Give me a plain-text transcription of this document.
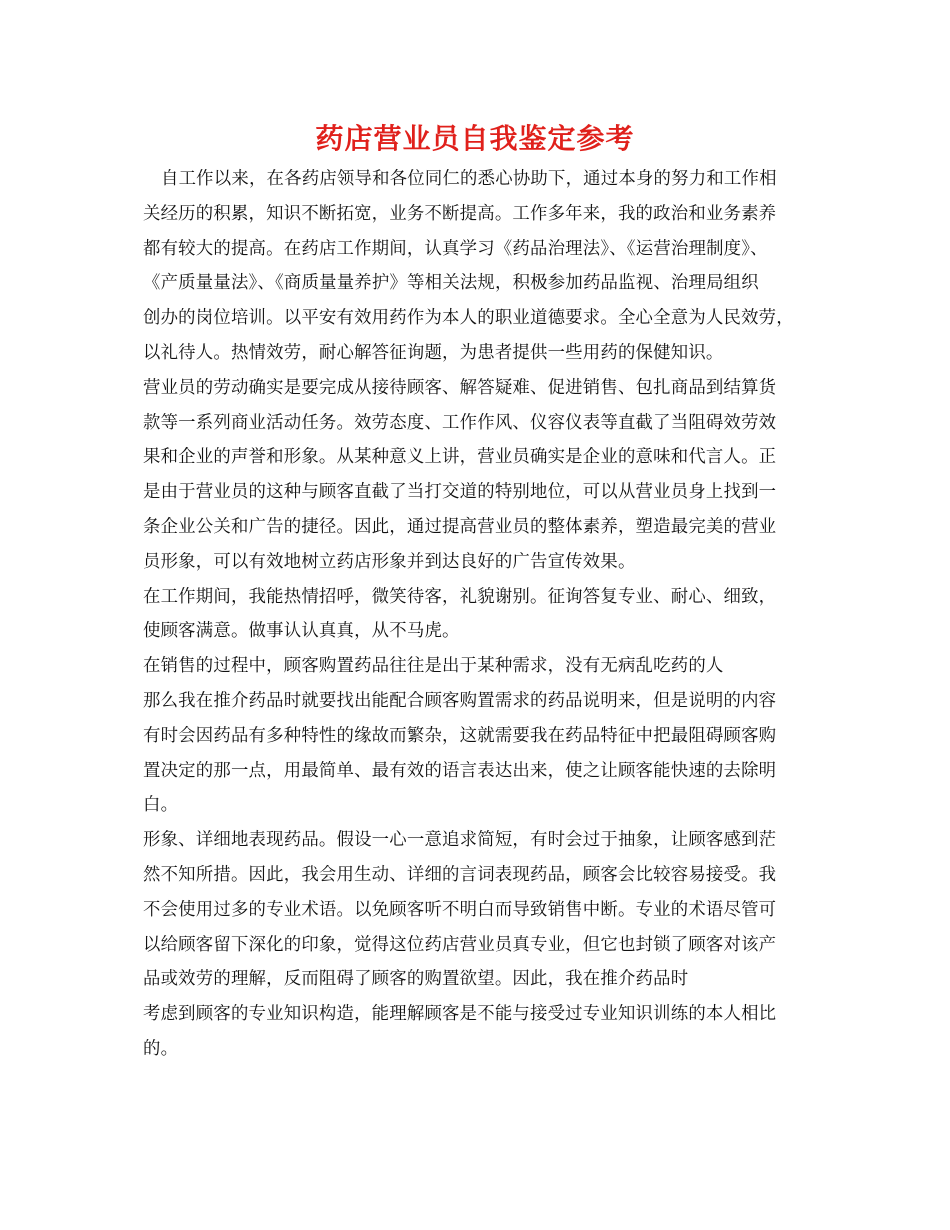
药店营业员自我鉴定参考
自工作以来，在各药店领导和各位同仁的悉心协助下，通过本身的努力和工作相
关经历的积累，知识不断拓宽，业务不断提高。工作多年来，我的政治和业务素养
都有较大的提高。在药店工作期间，认真学习《药品治理法》、《运营治理制度》、
《产质量量法》、《商质量量养护》等相关法规，积极参加药品监视、治理局组织
创办的岗位培训。以平安有效用药作为本人的职业道德要求。全心全意为人民效劳，
以礼待人。热情效劳，耐心解答征询题，为患者提供一些用药的保健知识。
营业员的劳动确实是要完成从接待顾客、解答疑难、促进销售、包扎商品到结算货
款等一系列商业活动任务。效劳态度、工作作风、仪容仪表等直截了当阻碍效劳效
果和企业的声誉和形象。从某种意义上讲，营业员确实是企业的意味和代言人。正
是由于营业员的这种与顾客直截了当打交道的特别地位，可以从营业员身上找到一
条企业公关和广告的捷径。因此，通过提高营业员的整体素养，塑造最完美的营业
员形象，可以有效地树立药店形象并到达良好的广告宣传效果。
在工作期间，我能热情招呼，微笑待客，礼貌谢别。征询答复专业、耐心、细致，
使顾客满意。做事认认真真，从不马虎。
在销售的过程中，顾客购置药品往往是出于某种需求，没有无病乱吃药的人
那么我在推介药品时就要找出能配合顾客购置需求的药品说明来，但是说明的内容
有时会因药品有多种特性的缘故而繁杂，这就需要我在药品特征中把最阻碍顾客购
置决定的那一点，用最简单、最有效的语言表达出来，使之让顾客能快速的去除明
白。
形象、详细地表现药品。假设一心一意追求简短，有时会过于抽象，让顾客感到茫
然不知所措。因此，我会用生动、详细的言词表现药品，顾客会比较容易接受。我
不会使用过多的专业术语。以免顾客听不明白而导致销售中断。专业的术语尽管可
以给顾客留下深化的印象，觉得这位药店营业员真专业，但它也封锁了顾客对该产
品或效劳的理解，反而阻碍了顾客的购置欲望。因此，我在推介药品时
考虑到顾客的专业知识构造，能理解顾客是不能与接受过专业知识训练的本人相比
的。
